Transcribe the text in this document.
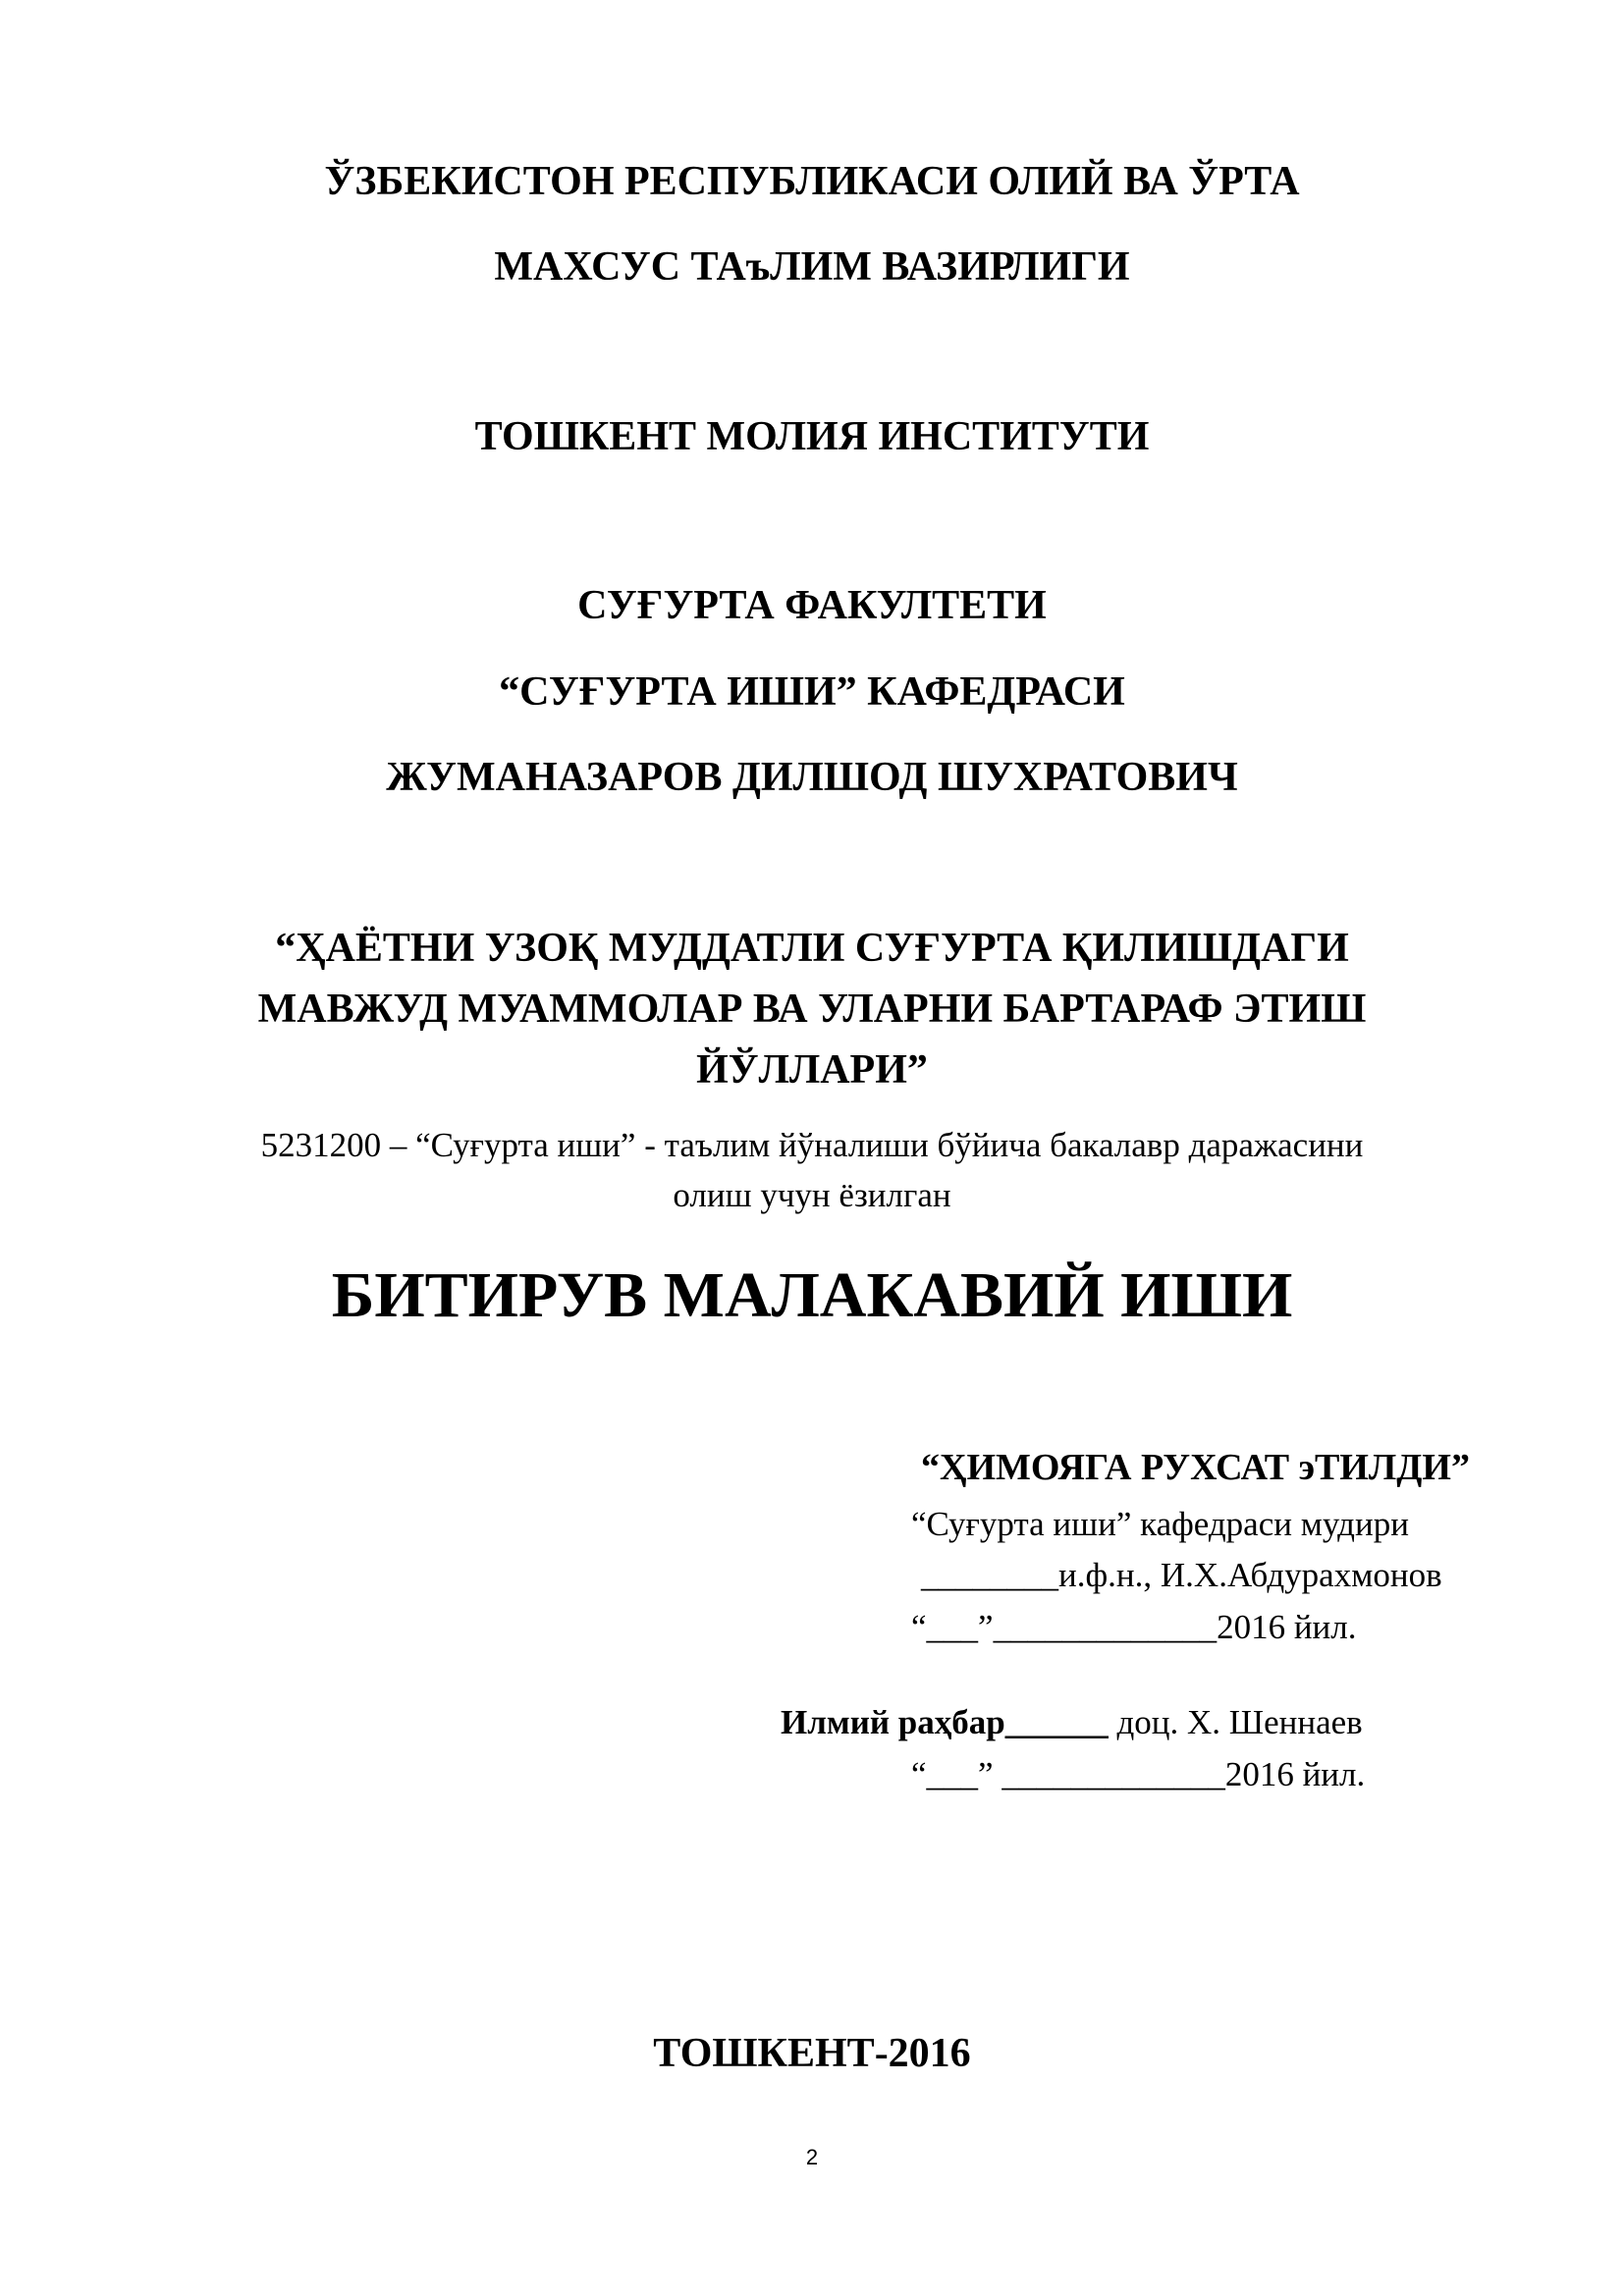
ЎЗБЕКИСТОН РЕСПУБЛИКАСИ ОЛИЙ ВА ЎРТА
МАХСУС ТАъЛИМ ВАЗИРЛИГИ
ТОШКЕНТ МОЛИЯ ИНСТИТУТИ
СУҒУРТА ФАКУЛТЕТИ
“СУҒУРТА ИШИ” КАФЕДРАСИ
ЖУМАНАЗАРОВ ДИЛШОД ШУХРАТОВИЧ
“ҲАЁТНИ УЗОҚ МУДДАТЛИ СУҒУРТА ҚИЛИШДАГИ
МАВЖУД МУАММОЛАР ВА УЛАРНИ БАРТАРАФ ЭТИШ
ЙЎЛЛАРИ”
5231200 – “Суғурта иши” - таълим йўналиши бўйича бакалавр даражасини
олиш учун ёзилган
БИТИРУВ МАЛАКАВИЙ ИШИ
“ҲИМОЯГА РУХСАТ эТИЛДИ”
“Суғурта иши” кафедраси мудири
________и.ф.н., И.Х.Абдурахмонов
“___”_____________2016 йил.
Илмий раҳбар______ доц. Х. Шеннаев
“___” _____________2016 йил.
ТОШКЕНТ-2016
2
